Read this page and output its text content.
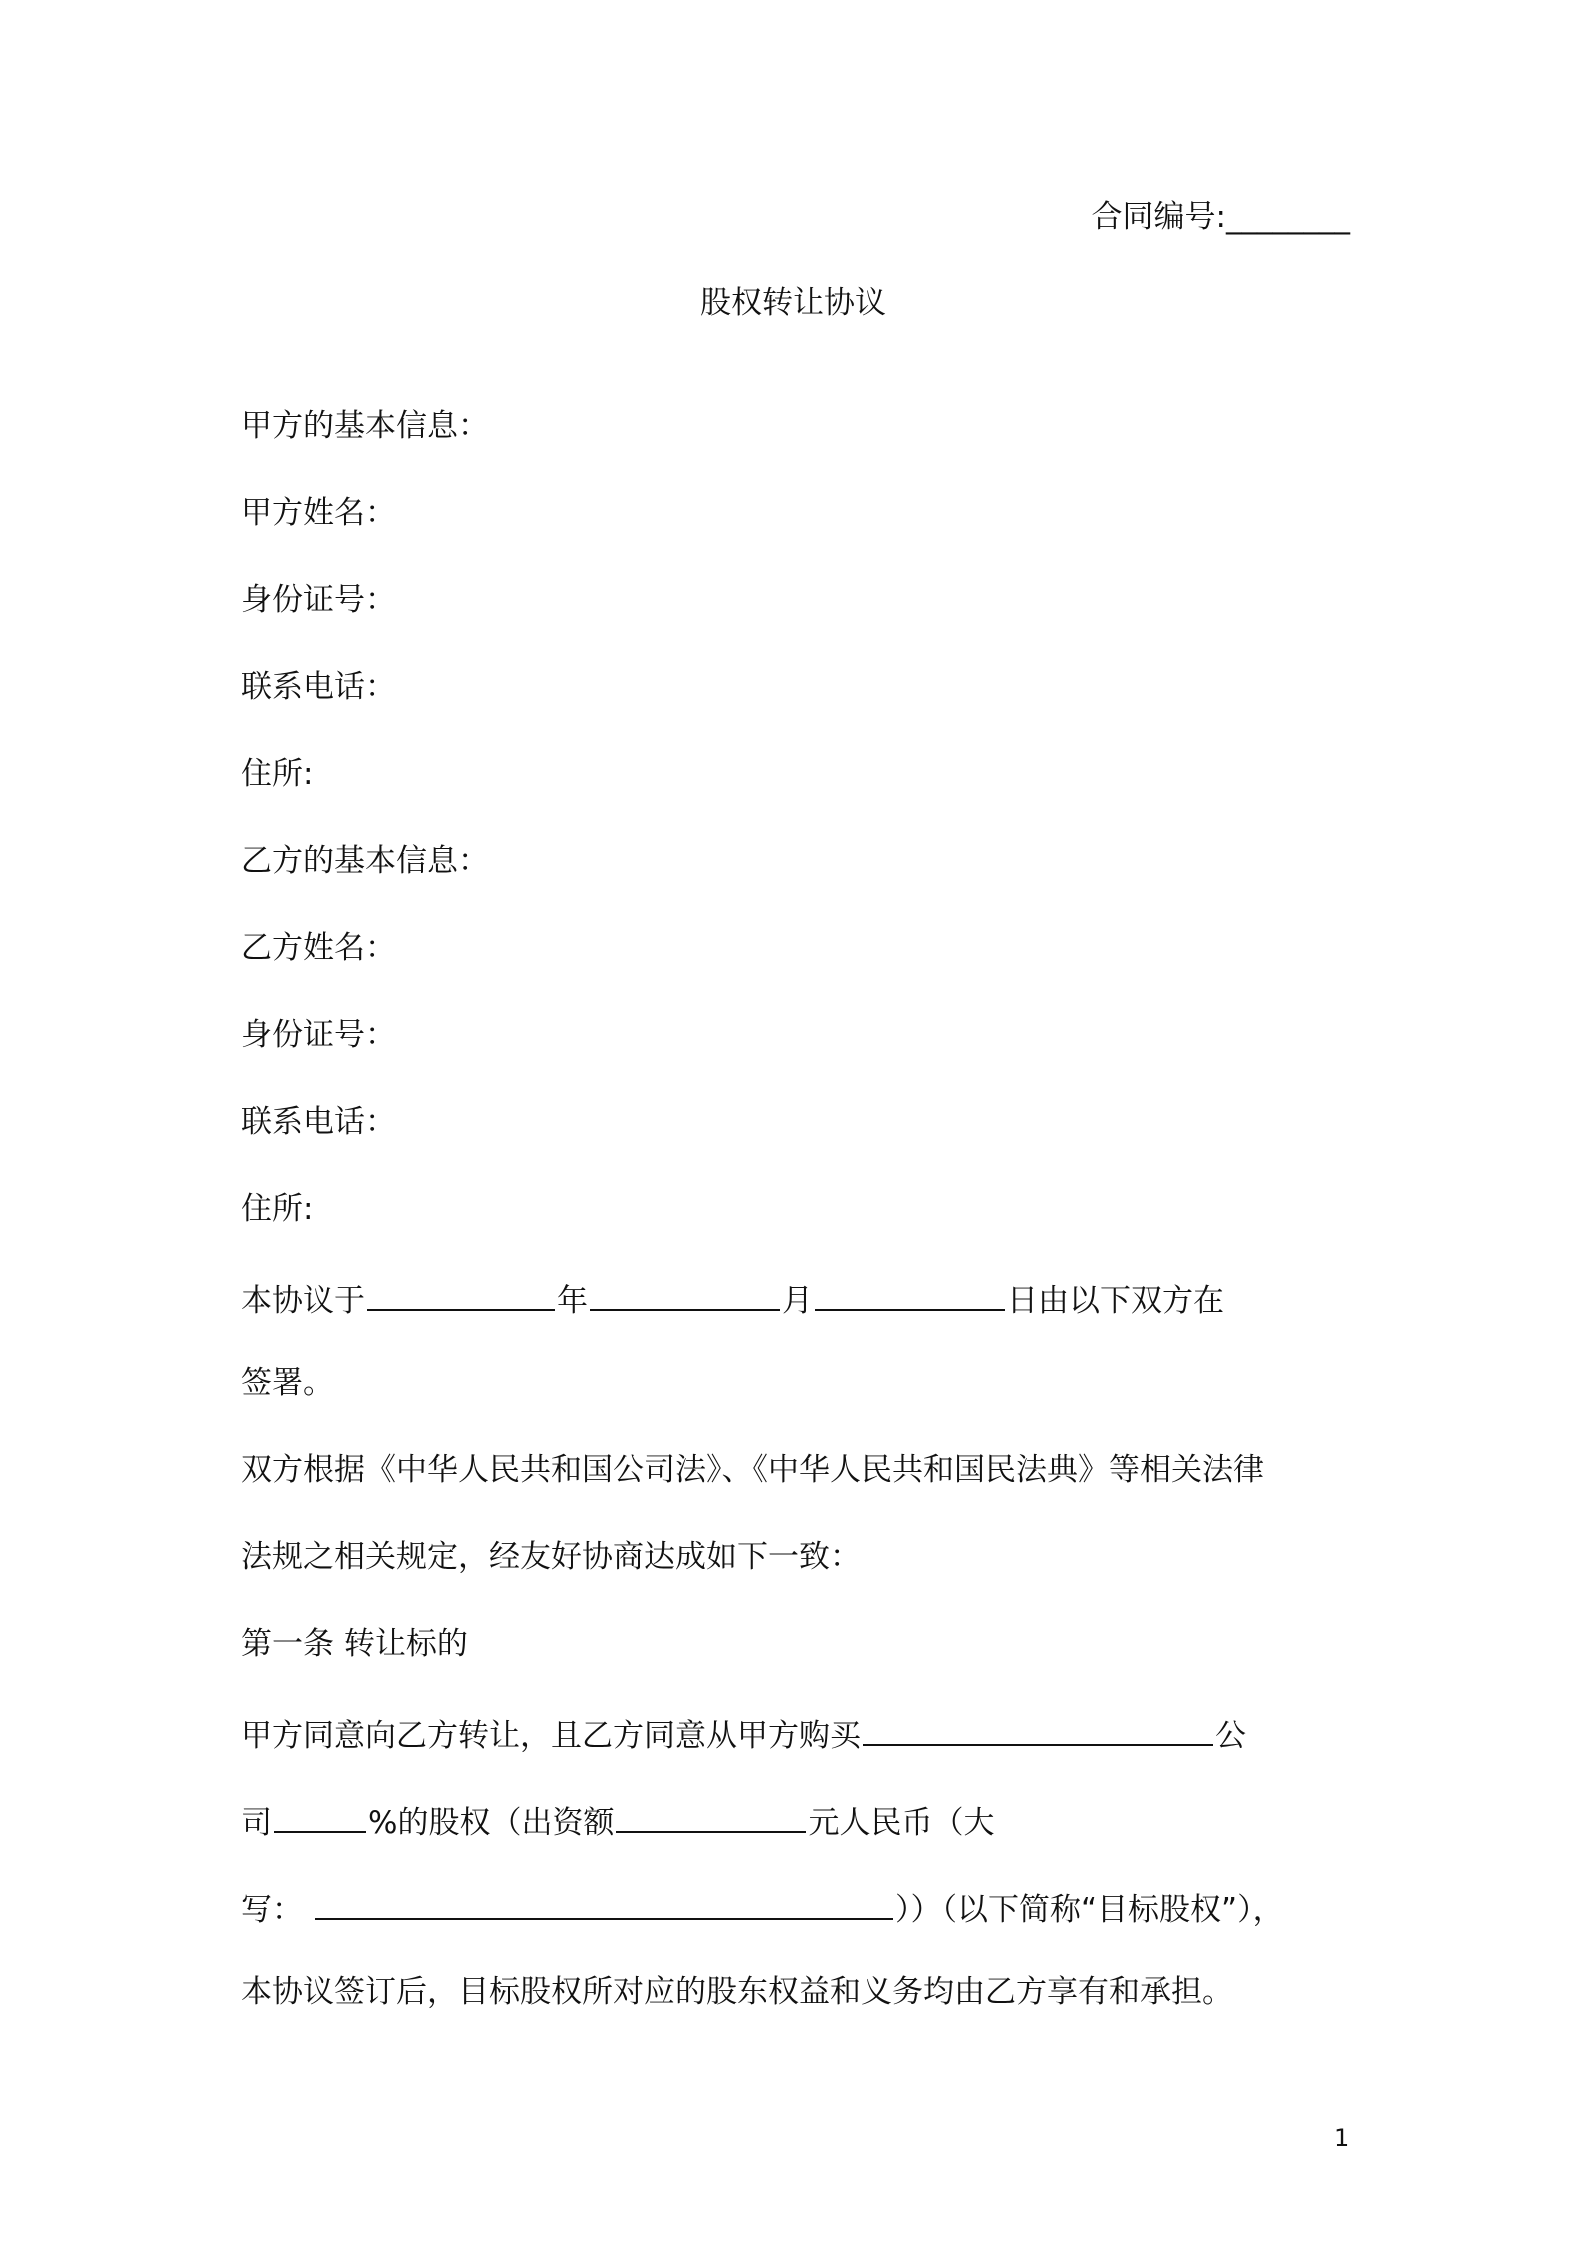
合同编号:________
股权转让协议
甲方的基本信息：
甲方姓名：
身份证号：
联系电话：
住所:
乙方的基本信息：
乙方姓名：
身份证号：
联系电话：
住所:
本协议于	年	月	日由以下双方在
签署。
双方根据《中华人民共和国公司法》、《中华人民共和国民法典》等相关法律
法规之相关规定，经友好协商达成如下一致：
第一条 转让标的
甲方同意向乙方转让，且乙方同意从甲方购买	公
司	%的股权（出资额	元人民币（大
写：	））（以下简称“目标股权”），
本协议签订后，目标股权所对应的股东权益和义务均由乙方享有和承担。
1
